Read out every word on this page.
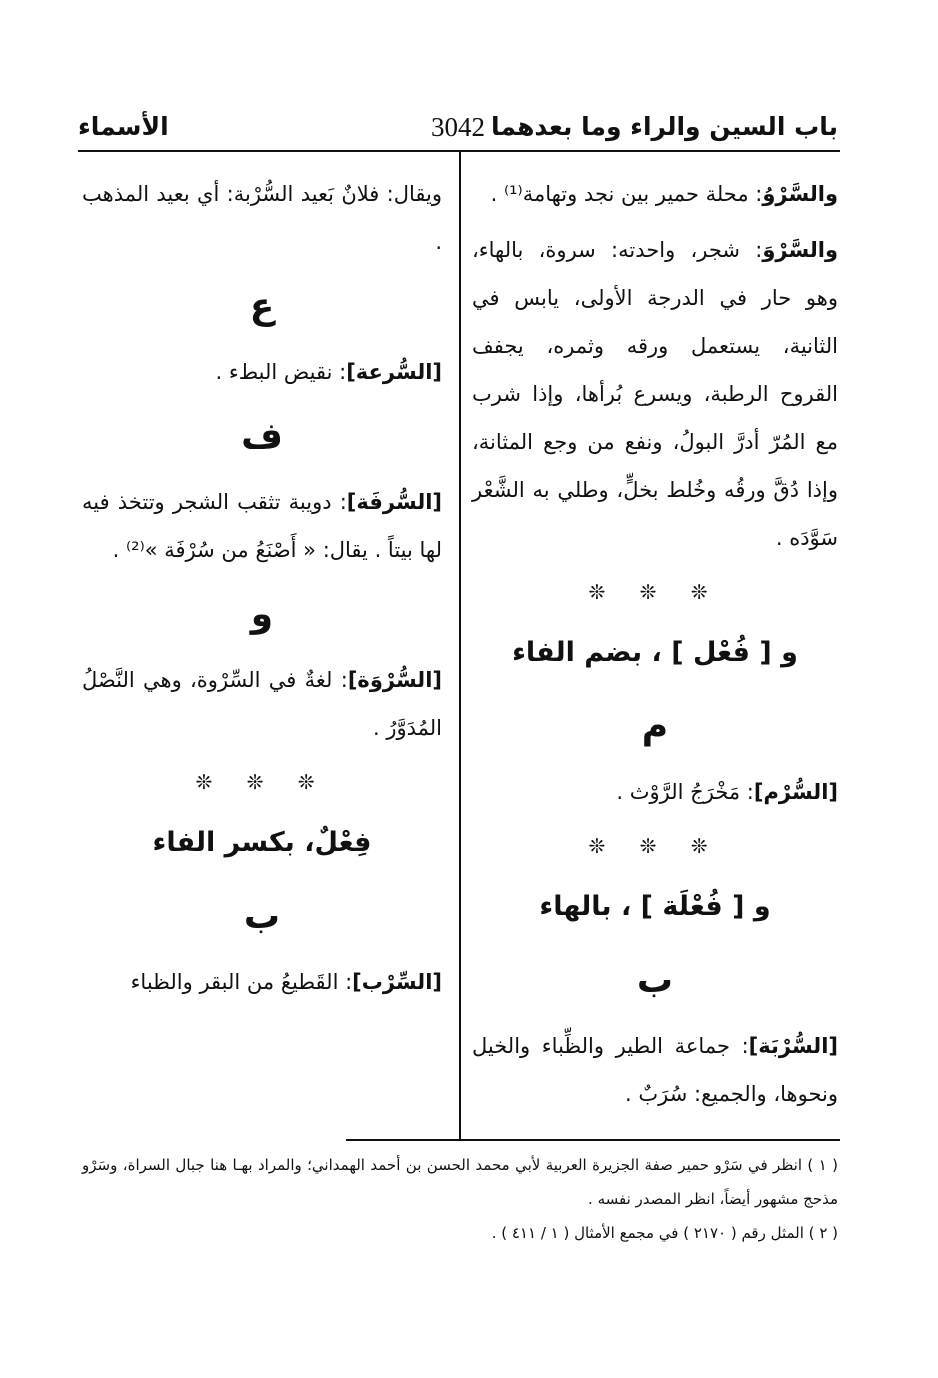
باب السين والراء وما بعدهما
3042
الأسماء

والسَّرْوُ: محلة حمير بين نجد وتهامة⁽¹⁾ .

والسَّرْوَ: شجر، واحدته: سروة، بالهاء، وهو حار في الدرجة الأولى، يابس في الثانية، يستعمل ورقه وثمره، يجفف القروح الرطبة، ويسرع بُرأها، وإذا شرب مع المُرّ أدرَّ البولُ، ونفع من وجع المثانة، وإذا دُقَّ ورقُه وخُلط بخلٍّ، وطلي به الشَّعْر سَوَّدَه .

❊ ❊ ❊
و [ فُعْل ] ، بضم الفاء
م

[السُّرْم]: مَخْرَجُ الرَّوْث .

❊ ❊ ❊
و [ فُعْلَة ] ، بالهاء
ب

[السُّرْبَة]: جماعة الطير والظِّباء والخيل ونحوها، والجميع: سُرَبٌ .

ويقال: فلانٌ بَعيد السُّرْبة: أي بعيد المذهب .

ع

[السُّرعة]: نقيض البطء .

ف

[السُّرفَة]: دويبة تثقب الشجر وتتخذ فيه لها بيتاً . يقال: « أَصْنَعُ من سُرْفَة »⁽²⁾ .

و

[السُّرْوَة]: لغةٌ في السِّرْوة، وهي النَّصْلُ المُدَوَّرُ .

❊ ❊ ❊
فِعْلٌ، بكسر الفاء
ب

[السِّرْب]: القَطيعُ من البقر والظباء

( ١ ) انظر في سَرْو حمير صفة الجزيرة العربية لأبي محمد الحسن بن أحمد الهمداني؛ والمراد بهـا هنا جبال السراة، وسَرْو مذحج مشهور أيضاً، انظر المصدر نفسه .

( ٢ ) المثل رقم ( ٢١٧٠ ) في مجمع الأمثال ( ١ / ٤١١ ) .
